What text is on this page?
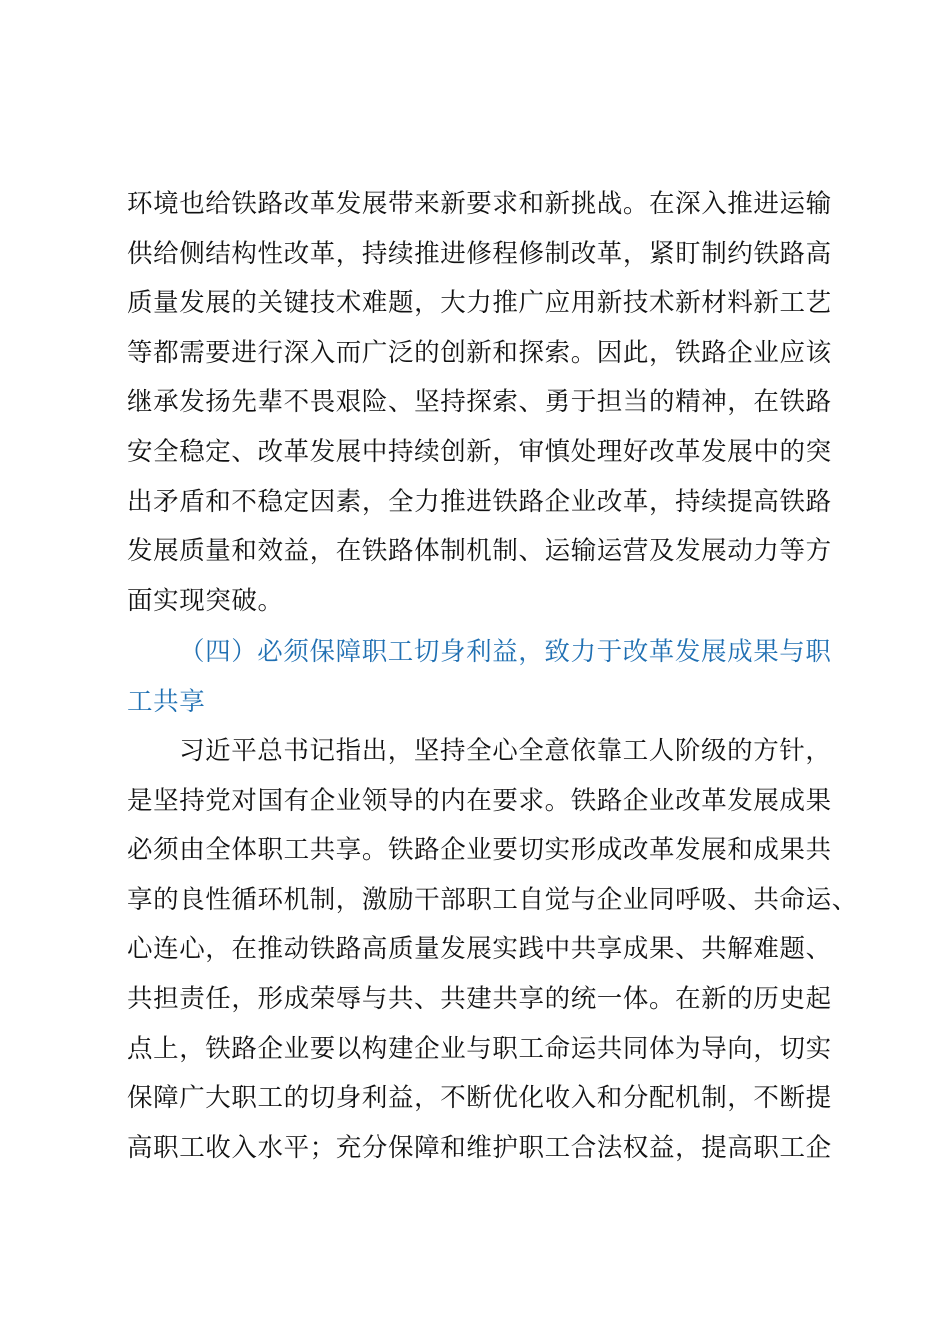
环境也给铁路改革发展带来新要求和新挑战。在深入推进运输
供给侧结构性改革，持续推进修程修制改革，紧盯制约铁路高
质量发展的关键技术难题，大力推广应用新技术新材料新工艺
等都需要进行深入而广泛的创新和探索。因此，铁路企业应该
继承发扬先辈不畏艰险、坚持探索、勇于担当的精神，在铁路
安全稳定、改革发展中持续创新，审慎处理好改革发展中的突
出矛盾和不稳定因素，全力推进铁路企业改革，持续提高铁路
发展质量和效益，在铁路体制机制、运输运营及发展动力等方
面实现突破。
（四）必须保障职工切身利益，致力于改革发展成果与职
工共享
习近平总书记指出，坚持全心全意依靠工人阶级的方针，
是坚持党对国有企业领导的内在要求。铁路企业改革发展成果
必须由全体职工共享。铁路企业要切实形成改革发展和成果共
享的良性循环机制，激励干部职工自觉与企业同呼吸、共命运、
心连心，在推动铁路高质量发展实践中共享成果、共解难题、
共担责任，形成荣辱与共、共建共享的统一体。在新的历史起
点上，铁路企业要以构建企业与职工命运共同体为导向，切实
保障广大职工的切身利益，不断优化收入和分配机制，不断提
高职工收入水平；充分保障和维护职工合法权益，提高职工企
